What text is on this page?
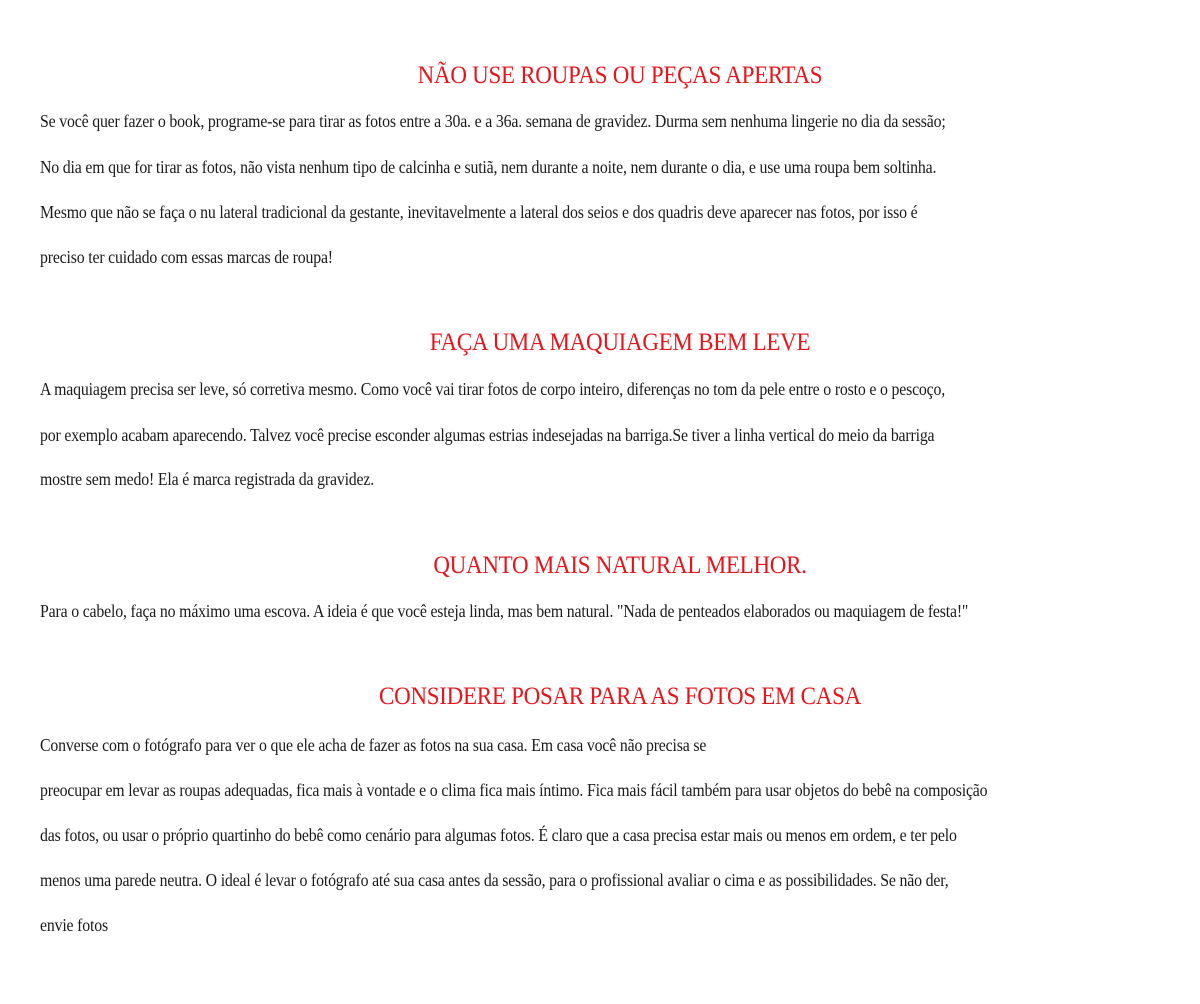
NÃO USE ROUPAS OU PEÇAS APERTAS

Se você quer fazer o book, programe-se para tirar as fotos entre a 30a. e a 36a. semana de gravidez. Durma sem nenhuma lingerie no dia da sessão;

No dia em que for tirar as fotos, não vista nenhum tipo de calcinha e sutiã, nem durante a noite, nem durante o dia, e use uma roupa bem soltinha.

Mesmo que não se faça o nu lateral tradicional da gestante, inevitavelmente a lateral dos seios e dos quadris deve aparecer nas fotos, por isso é

preciso ter cuidado com essas marcas de roupa!

FAÇA UMA MAQUIAGEM BEM LEVE

A maquiagem precisa ser leve, só corretiva mesmo. Como você vai tirar fotos de corpo inteiro, diferenças no tom da pele entre o rosto e o pescoço,

por exemplo acabam aparecendo. Talvez você precise esconder algumas estrias indesejadas na barriga.Se tiver a linha vertical do meio da barriga

mostre sem medo! Ela é marca registrada da gravidez.

QUANTO MAIS NATURAL MELHOR.

Para o cabelo, faça no máximo uma escova. A ideia é que você esteja linda, mas bem natural. "Nada de penteados elaborados ou maquiagem de festa!"

CONSIDERE POSAR PARA AS FOTOS EM CASA

Converse com o fotógrafo para ver o que ele acha de fazer as fotos na sua casa. Em casa você não precisa se

preocupar em levar as roupas adequadas, fica mais à vontade e o clima fica mais íntimo. Fica mais fácil também para usar objetos do bebê na composição

das fotos, ou usar o próprio quartinho do bebê como cenário para algumas fotos. É claro que a casa precisa estar mais ou menos em ordem, e ter pelo

menos uma parede neutra. O ideal é levar o fotógrafo até sua casa antes da sessão, para o profissional avaliar o cima e as possibilidades. Se não der,

envie fotos
